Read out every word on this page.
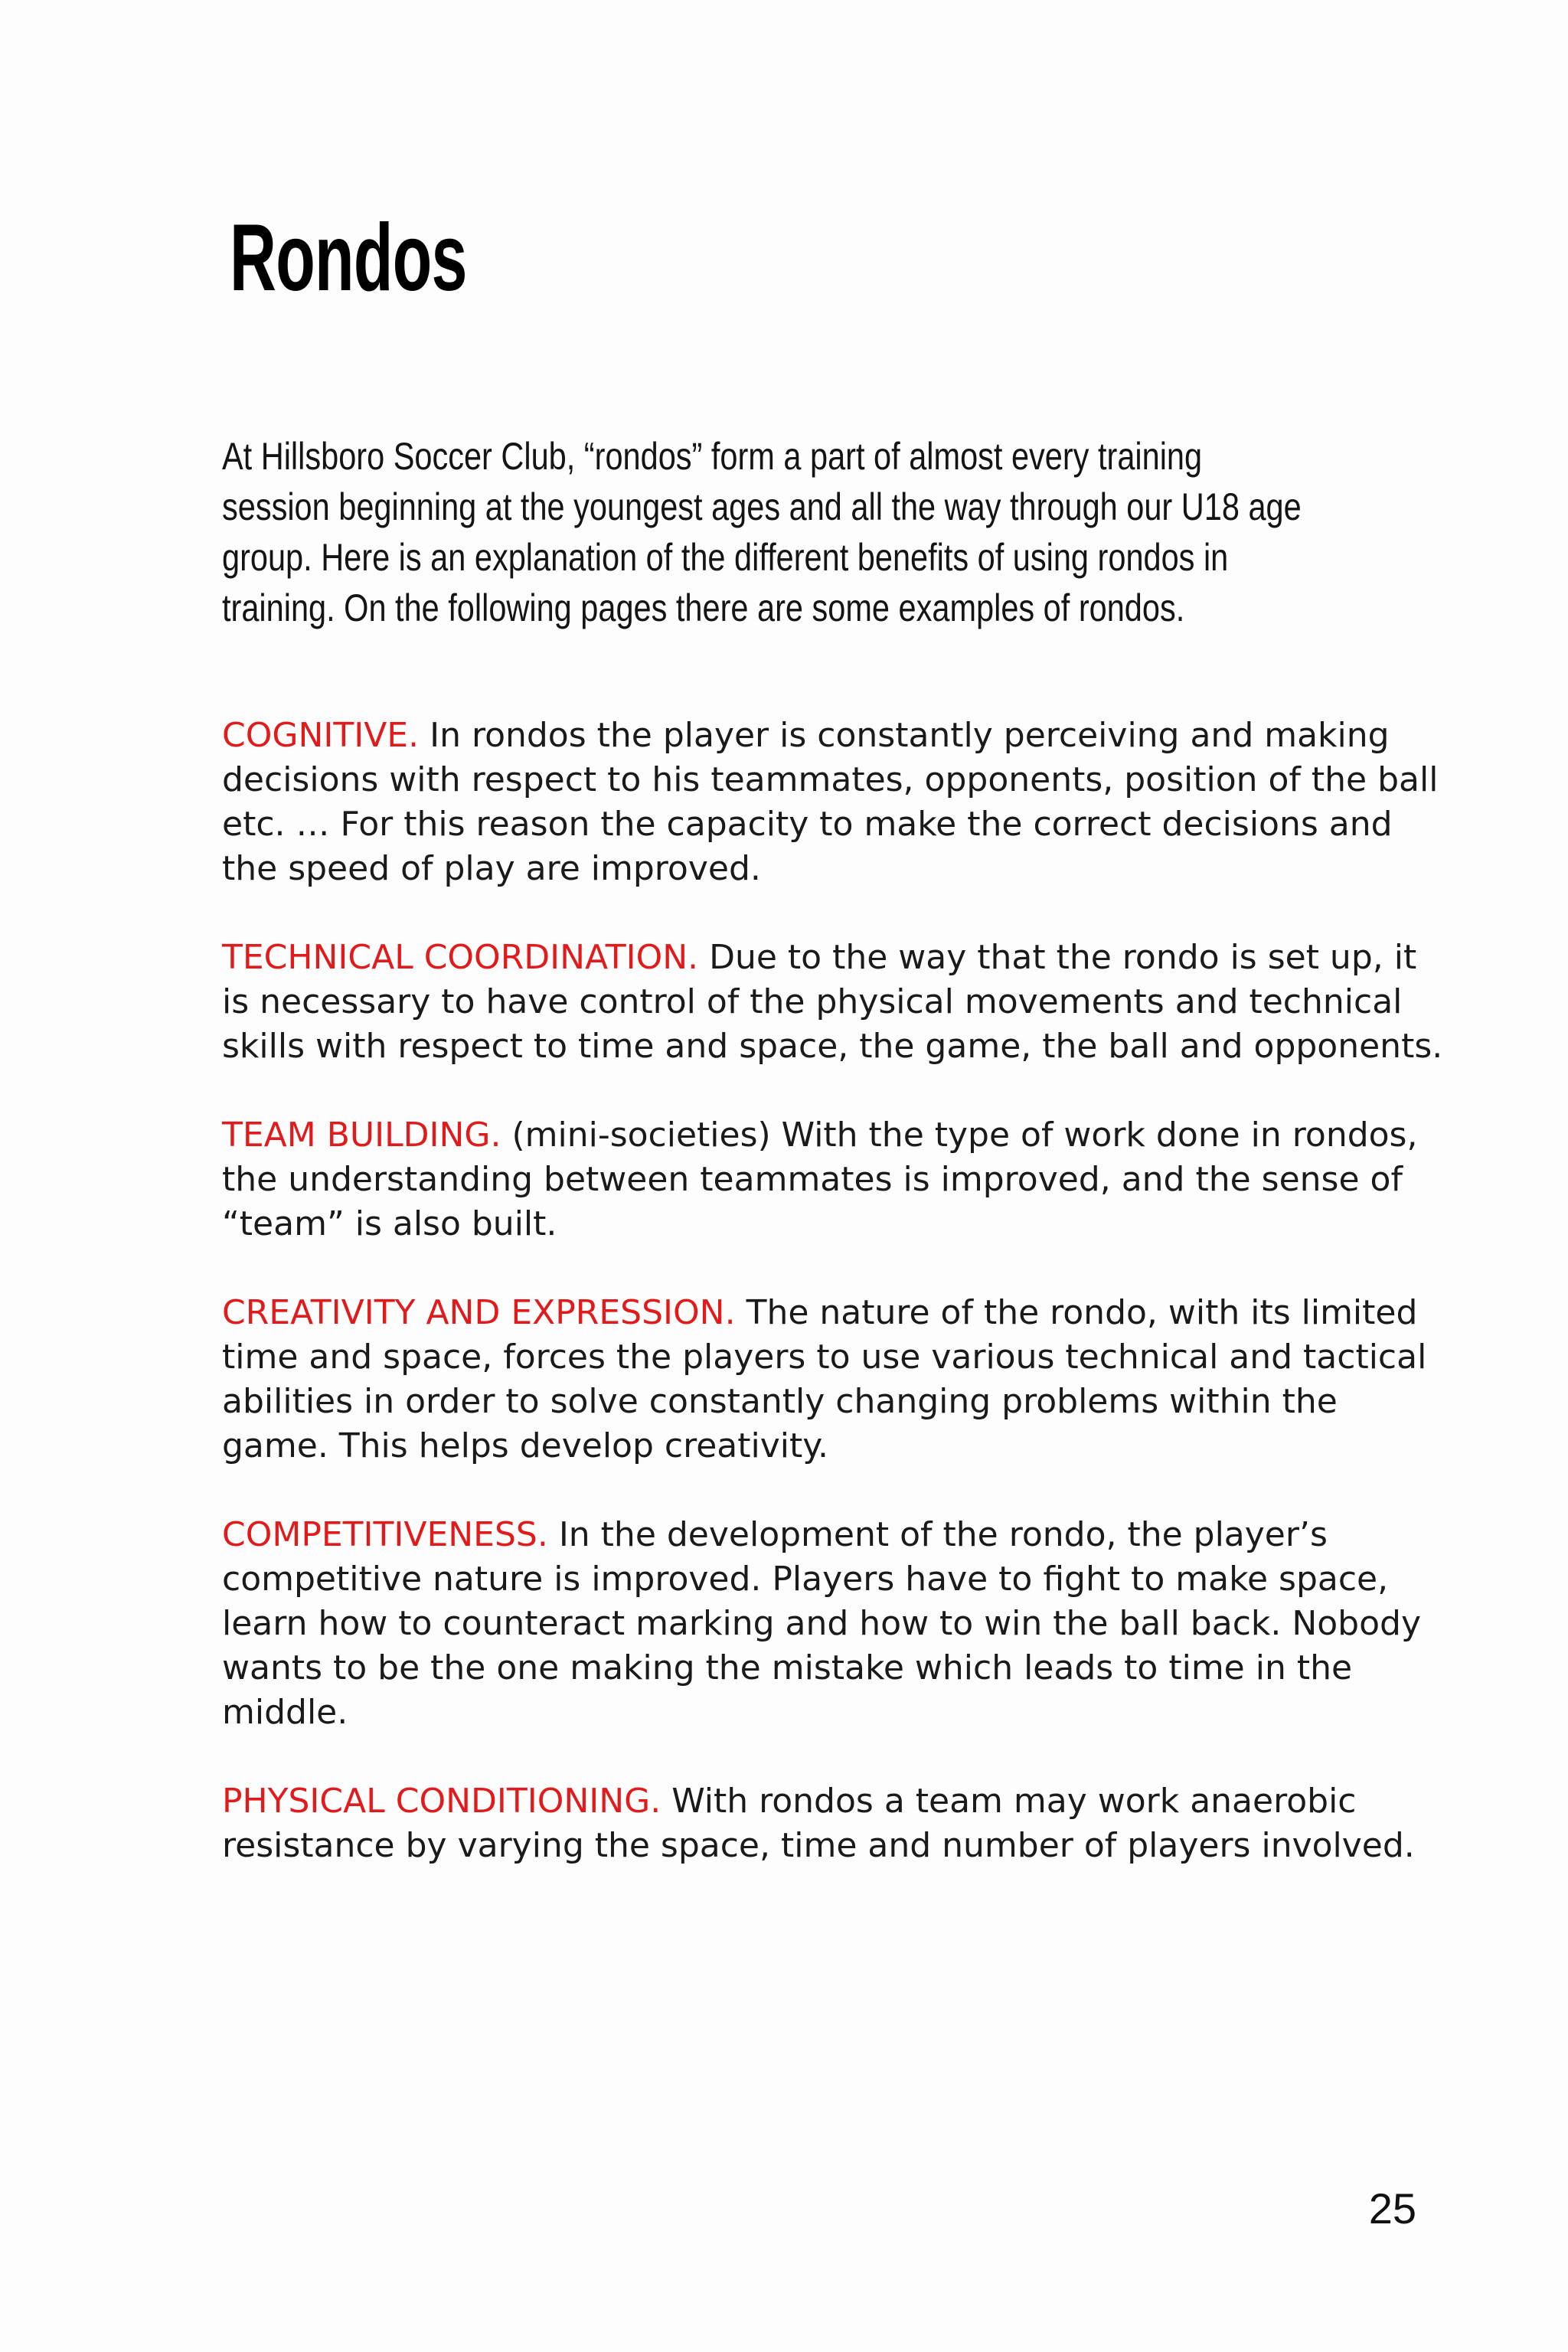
Rondos

At Hillsboro Soccer Club, “rondos” form a part of almost every training session beginning at the youngest ages and all the way through our U18 age group. Here is an explanation of the different benefits of using rondos in training. On the following pages there are some examples of rondos.

COGNITIVE. In rondos the player is constantly perceiving and making decisions with respect to his teammates, opponents, position of the ball etc. … For this reason the capacity to make the correct decisions and the speed of play are improved.

TECHNICAL COORDINATION. Due to the way that the rondo is set up, it is necessary to have control of the physical movements and technical skills with respect to time and space, the game, the ball and opponents.

TEAM BUILDING. (mini-societies) With the type of work done in rondos, the understanding between teammates is improved, and the sense of “team” is also built.

CREATIVITY AND EXPRESSION. The nature of the rondo, with its limited time and space, forces the players to use various technical and tactical abilities in order to solve constantly changing problems within the game. This helps develop creativity.

COMPETITIVENESS. In the development of the rondo, the player’s competitive nature is improved. Players have to fight to make space, learn how to counteract marking and how to win the ball back. Nobody wants to be the one making the mistake which leads to time in the middle.

PHYSICAL CONDITIONING. With rondos a team may work anaerobic resistance by varying the space, time and number of players involved.

25
